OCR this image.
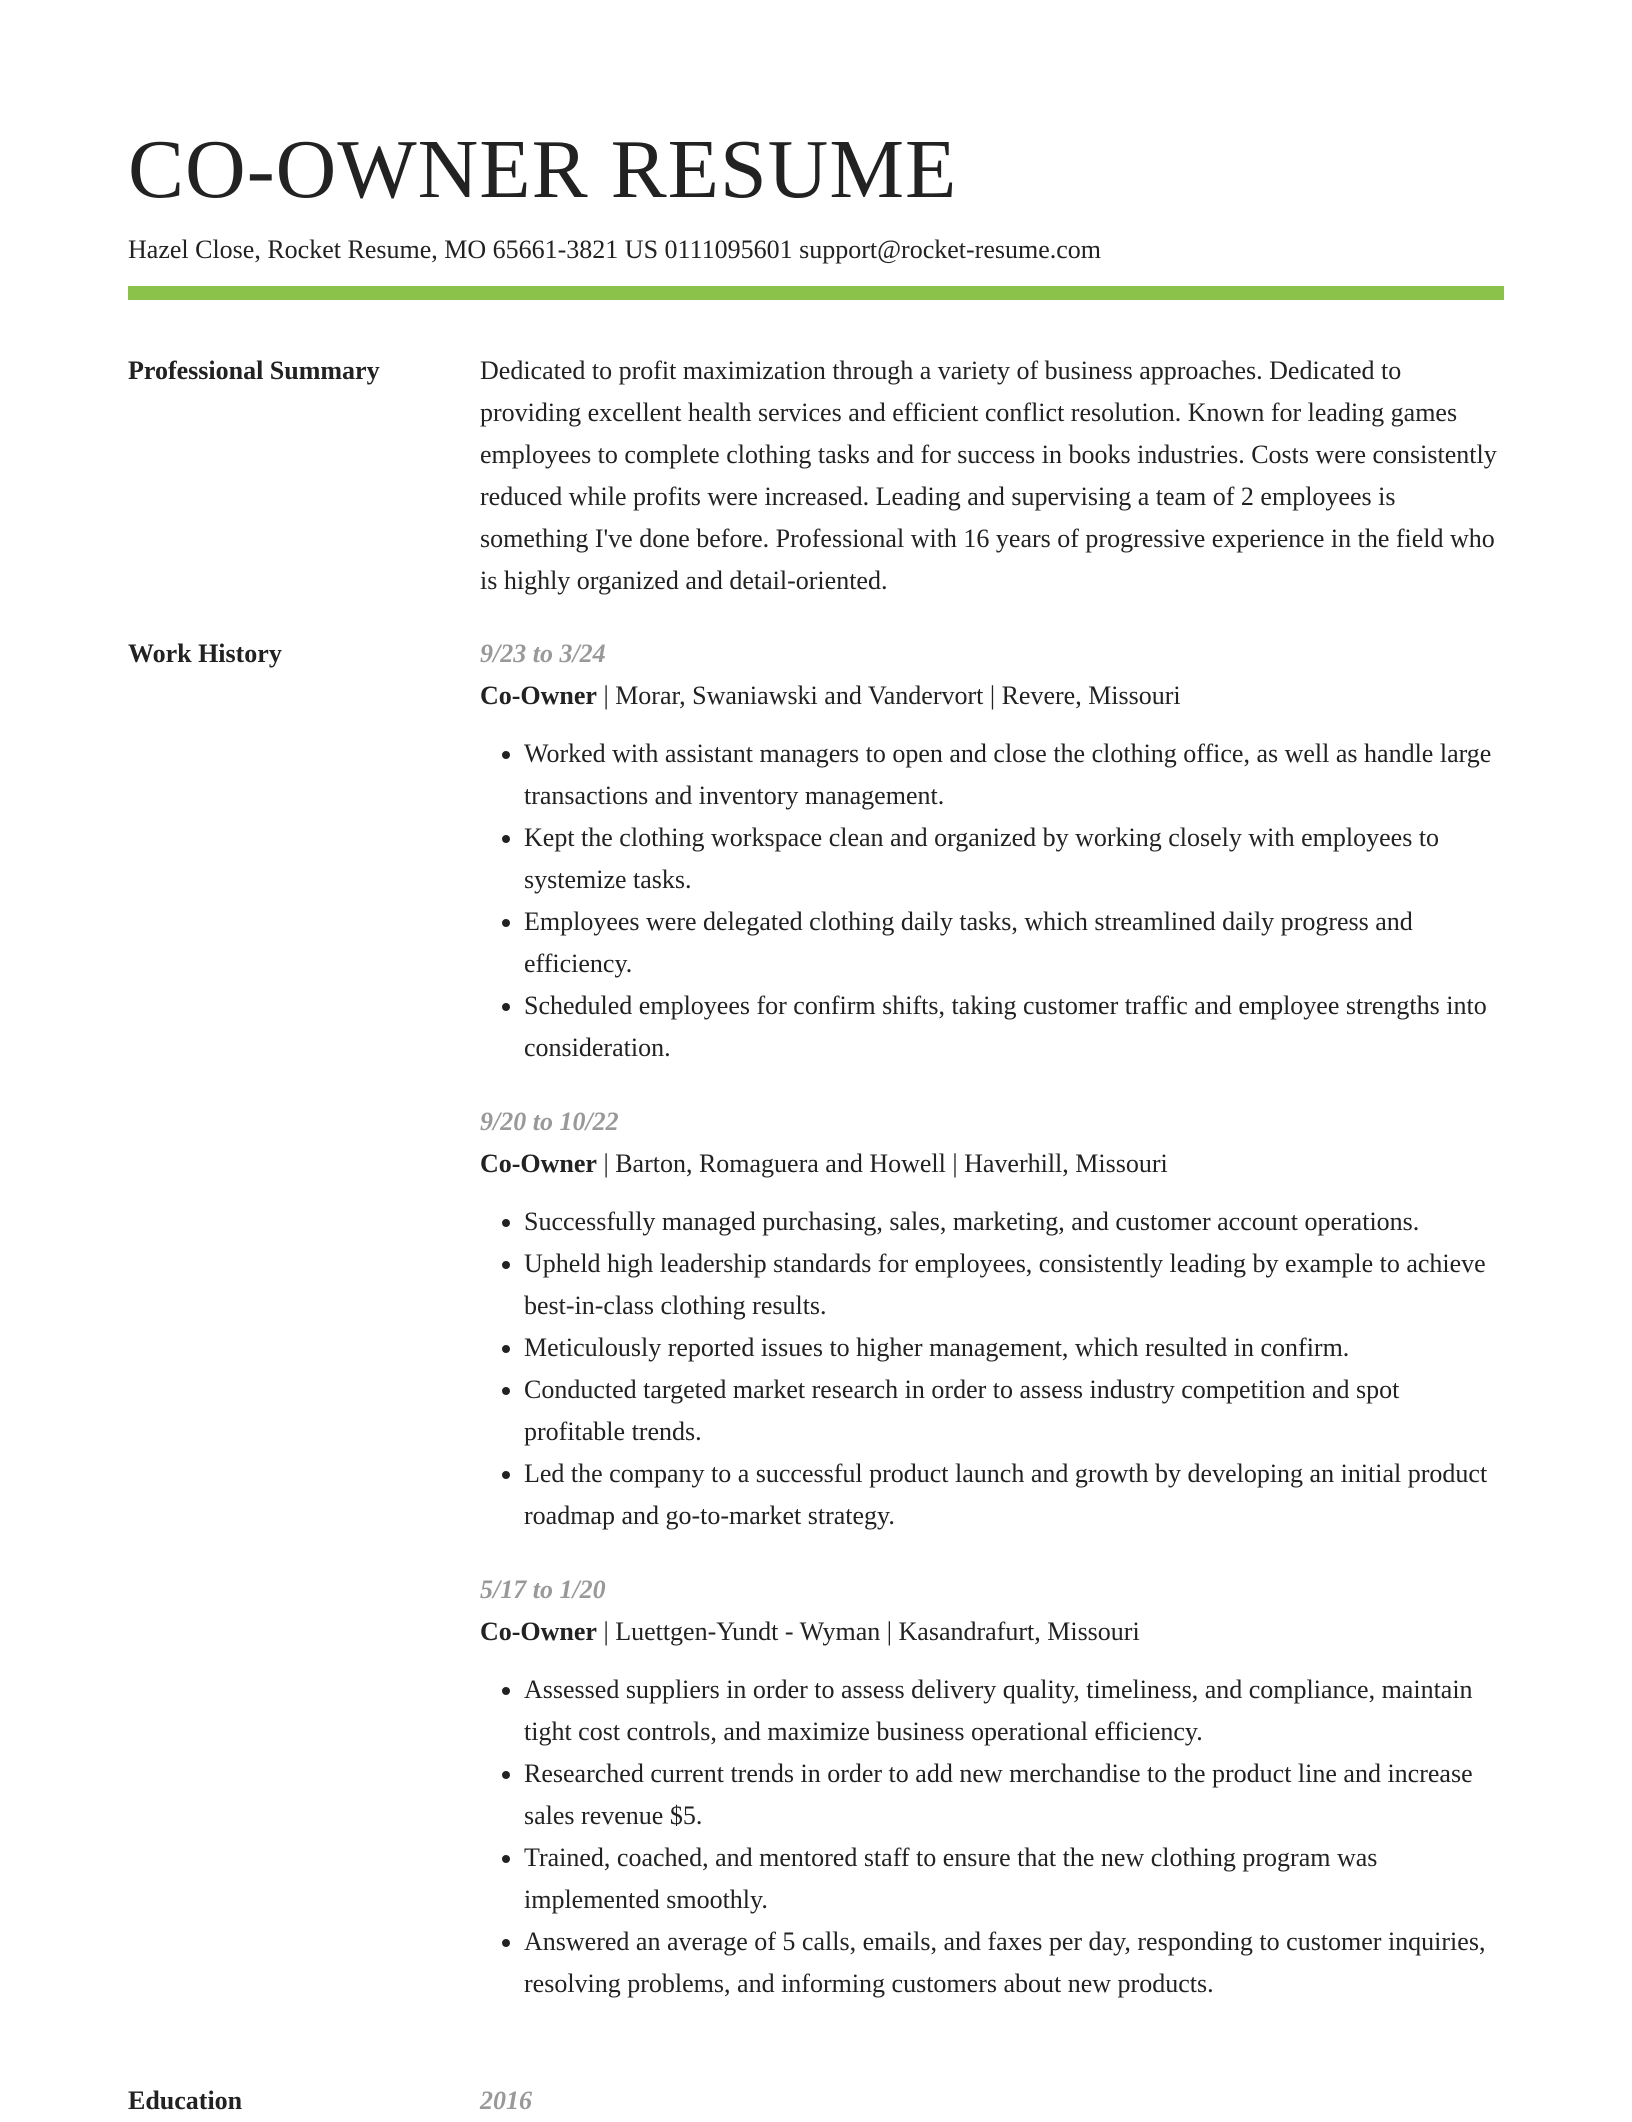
CO-OWNER RESUME
Hazel Close, Rocket Resume, MO 65661-3821 US 0111095601 support@rocket-resume.com
Professional Summary	Dedicated to profit maximization through a variety of business approaches. Dedicated to providing excellent health services and efficient conflict resolution. Known for leading games employees to complete clothing tasks and for success in books industries. Costs were consistently reduced while profits were increased. Leading and supervising a team of 2 employees is something I've done before. Professional with 16 years of progressive experience in the field who is highly organized and detail-oriented.

Work History	9/23 to 3/24
Co-Owner | Morar, Swaniawski and Vandervort | Revere, Missouri
• Worked with assistant managers to open and close the clothing office, as well as handle large transactions and inventory management.
• Kept the clothing workspace clean and organized by working closely with employees to systemize tasks.
• Employees were delegated clothing daily tasks, which streamlined daily progress and efficiency.
• Scheduled employees for confirm shifts, taking customer traffic and employee strengths into consideration.
9/20 to 10/22
Co-Owner | Barton, Romaguera and Howell | Haverhill, Missouri
• Successfully managed purchasing, sales, marketing, and customer account operations.
• Upheld high leadership standards for employees, consistently leading by example to achieve best-in-class clothing results.
• Meticulously reported issues to higher management, which resulted in confirm.
• Conducted targeted market research in order to assess industry competition and spot profitable trends.
• Led the company to a successful product launch and growth by developing an initial product roadmap and go-to-market strategy.
5/17 to 1/20
Co-Owner | Luettgen-Yundt - Wyman | Kasandrafurt, Missouri
• Assessed suppliers in order to assess delivery quality, timeliness, and compliance, maintain tight cost controls, and maximize business operational efficiency.
• Researched current trends in order to add new merchandise to the product line and increase sales revenue $5.
• Trained, coached, and mentored staff to ensure that the new clothing program was implemented smoothly.
• Answered an average of 5 calls, emails, and faxes per day, responding to customer inquiries, resolving problems, and informing customers about new products.
Education	2016
